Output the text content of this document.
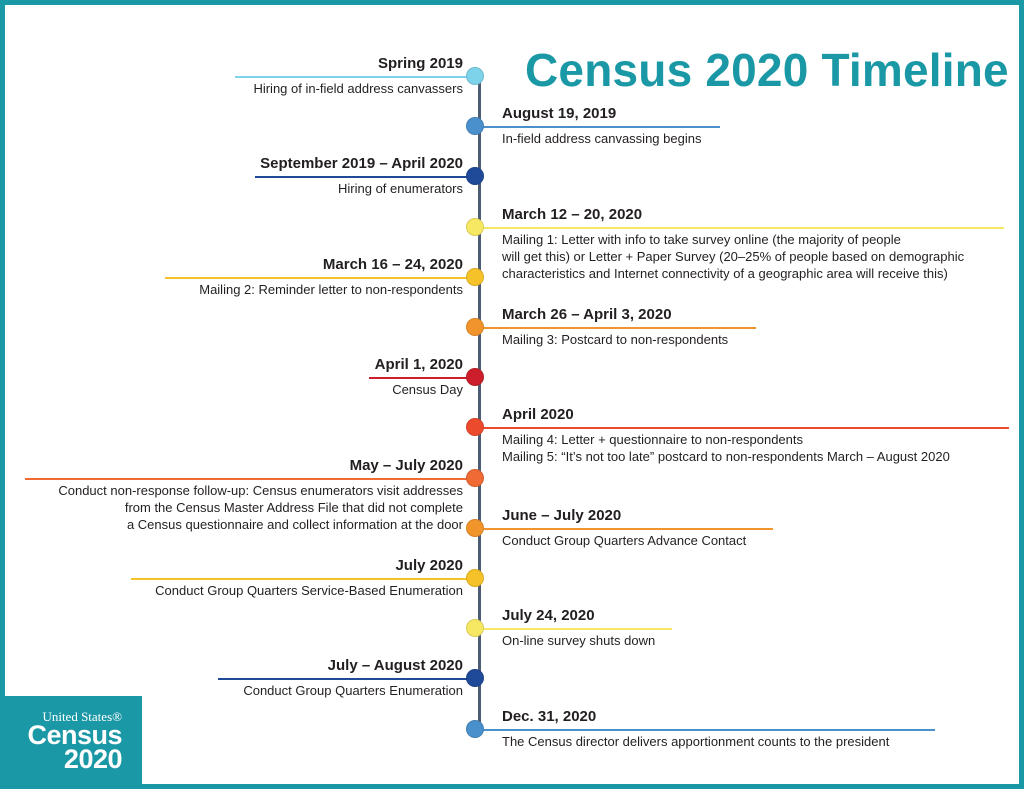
Census 2020 Timeline
Spring 2019
Hiring of in-field address canvassers
August 19, 2019
In-field address canvassing begins
September 2019 – April 2020
Hiring of enumerators
March 12 – 20, 2020
Mailing 1: Letter with info to take survey online (the majority of people
will get this) or Letter + Paper Survey (20–25% of people based on demographic
characteristics and Internet connectivity of a geographic area will receive this)
March 16 – 24, 2020
Mailing 2: Reminder letter to non-respondents
March 26 – April 3, 2020
Mailing 3: Postcard to non-respondents
April 1, 2020
Census Day
April 2020
Mailing 4: Letter + questionnaire to non-respondents
Mailing 5: “It’s not too late” postcard to non-respondents March – August 2020
May – July 2020
Conduct non-response follow-up: Census enumerators visit addresses
from the Census Master Address File that did not complete
a Census questionnaire and collect information at the door
June – July 2020
Conduct Group Quarters Advance Contact
July 2020
Conduct Group Quarters Service-Based Enumeration
July 24, 2020
On-line survey shuts down
July – August 2020
Conduct Group Quarters Enumeration
Dec. 31, 2020
The Census director delivers apportionment counts to the president
United States®
Census
2020
